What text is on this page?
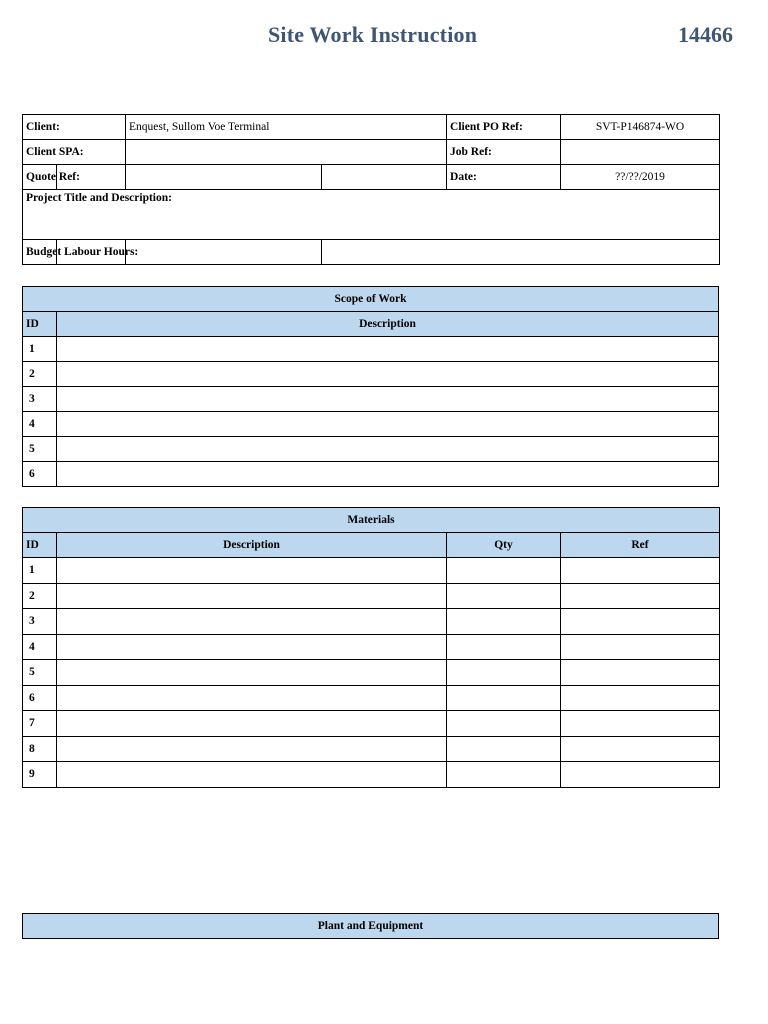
Site Work Instruction	14466
Client:		Enquest, Sullom Voe Terminal		Client PO Ref:	SVT-P146874-WO
Client SPA:				Job Ref:	

Quote Ref:				Date:	??/??/2019
Project Title and Description:					

Budget Labour Hours:					

Scope of Work	
ID	Description
1	
2	
3	
4	
5	
6	
Materials			
ID	Description	Qty	Ref
1			
2			
3			
4			
5			
6			
7			
8			
9			
Plant and Equipment
